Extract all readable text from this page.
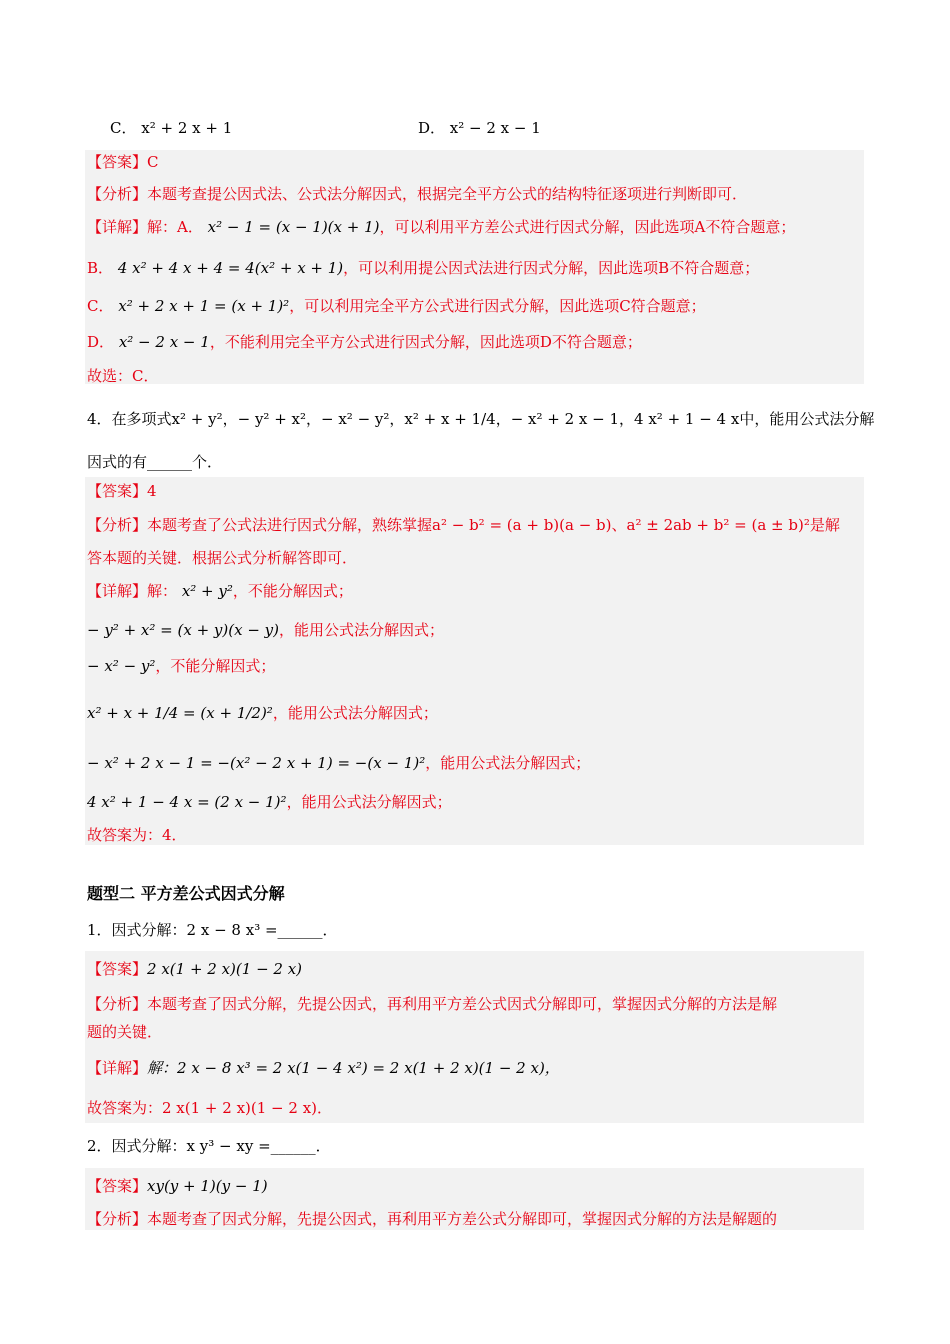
C． x² + 2 x + 1	D． x² − 2 x − 1
【答案】C
【分析】本题考查提公因式法、公式法分解因式，根据完全平方公式的结构特征逐项进行判断即可．
【详解】解：A． x² − 1 = (x − 1)(x + 1)，可以利用平方差公式进行因式分解，因此选项A不符合题意；
B． 4 x² + 4 x + 4 = 4(x² + x + 1)，可以利用提公因式法进行因式分解，因此选项B不符合题意；
C． x² + 2 x + 1 = (x + 1)²，可以利用完全平方公式进行因式分解，因此选项C符合题意；
D． x² − 2 x − 1，不能利用完全平方公式进行因式分解，因此选项D不符合题意；
故选：C．
4．在多项式x² + y²，− y² + x²，− x² − y²，x² + x + 1/4，− x² + 2 x − 1，4 x² + 1 − 4 x中，能用公式法分解
因式的有______个．
【答案】4
【分析】本题考查了公式法进行因式分解，熟练掌握a² − b² = (a + b)(a − b)、a² ± 2ab + b² = (a ± b)²是解
答本题的关键．根据公式分析解答即可．
【详解】解： x² + y²，不能分解因式；
− y² + x² = (x + y)(x − y)，能用公式法分解因式；
− x² − y²，不能分解因式；
x² + x + 1/4 = (x + 1/2)²，能用公式法分解因式；
− x² + 2 x − 1 = −(x² − 2 x + 1) = −(x − 1)²，能用公式法分解因式；
4 x² + 1 − 4 x = (2 x − 1)²，能用公式法分解因式；
故答案为：4．
题型二 平方差公式因式分解
1．因式分解：2 x − 8 x³ =______．
【答案】2 x(1 + 2 x)(1 − 2 x)
【分析】本题考查了因式分解，先提公因式，再利用平方差公式因式分解即可，掌握因式分解的方法是解
题的关键．
【详解】解：2 x − 8 x³ = 2 x(1 − 4 x²) = 2 x(1 + 2 x)(1 − 2 x)，
故答案为：2 x(1 + 2 x)(1 − 2 x)．
2．因式分解：x y³ − xy =______．
【答案】xy(y + 1)(y − 1)
【分析】本题考查了因式分解，先提公因式，再利用平方差公式分解即可，掌握因式分解的方法是解题的
